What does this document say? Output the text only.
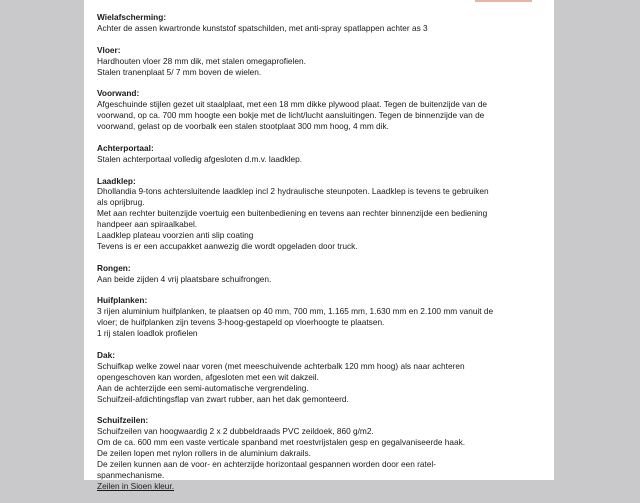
Wielafscherming:
Achter de assen kwartronde kunststof spatschilden, met anti-spray spatlappen achter as 3
Vloer:
Hardhouten vloer 28 mm dik, met stalen omegaprofielen.
Stalen tranenplaat 5/ 7 mm boven de wielen.
Voorwand:
Afgeschuinde stijlen gezet uit staalplaat, met een 18 mm dikke plywood plaat. Tegen de buitenzijde van de
voorwand, op ca. 700 mm hoogte een bokje met de licht/lucht aansluitingen. Tegen de binnenzijde van de
voorwand, gelast op de voorbalk een stalen stootplaat 300 mm hoog, 4 mm dik.
Achterportaal:
Stalen achterportaal volledig afgesloten d.m.v. laadklep.
Laadklep:
Dhollandia 9-tons achtersluitende laadklep incl 2 hydraulische steunpoten. Laadklep is tevens te gebruiken
als oprijbrug.
Met aan rechter buitenzijde voertuig een buitenbediening en tevens aan rechter binnenzijde een bediening
handpeer aan spiraalkabel.
Laadklep plateau voorzien anti slip coating
Tevens is er een accupakket aanwezig die wordt opgeladen door truck.
Rongen:
Aan beide zijden 4 vrij plaatsbare schuifrongen.
Huifplanken:
3 rijen aluminium huifplanken, te plaatsen op 40 mm, 700 mm, 1.165 mm, 1.630 mm en 2.100 mm vanuit de
vloer; de huifplanken zijn tevens 3-hoog-gestapeld op vloerhoogte te plaatsen.
1 rij stalen loadlok profielen
Dak:
Schuifkap welke zowel naar voren (met meeschuivende achterbalk 120 mm hoog) als naar achteren
opengeschoven kan worden, afgesloten met een wit dakzeil.
Aan de achterzijde een semi-automatische vergrendeling.
Schuifzeil-afdichtingsflap van zwart rubber, aan het dak gemonteerd.
Schuifzeilen:
Schuifzeilen van hoogwaardig 2 x 2 dubbeldraads PVC zeildoek, 860 g/m2.
Om de ca. 600 mm een vaste verticale spanband met roestvrijstalen gesp en gegalvaniseerde haak.
De zeilen lopen met nylon rollers in de aluminium dakrails.
De zeilen kunnen aan de voor- en achterzijde horizontaal gespannen worden door een ratel-
spanmechanisme.
Zeilen in Sioen kleur.
